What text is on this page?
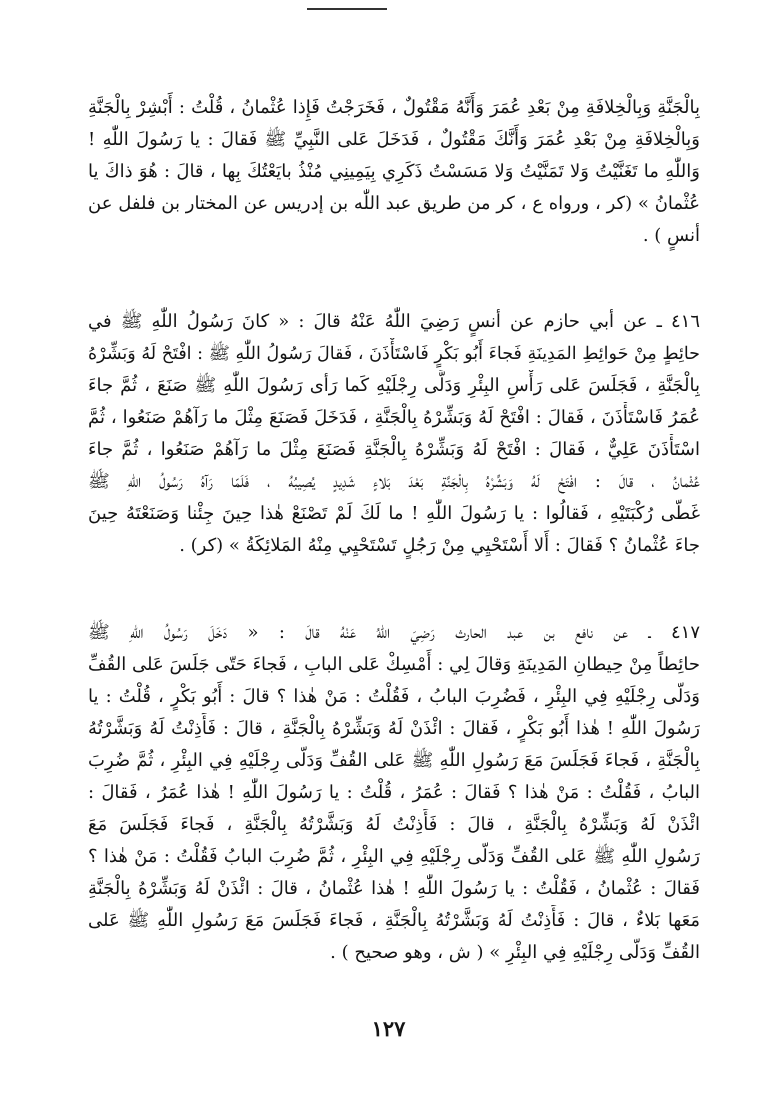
بِالْجَنَّةِ وَبِالْخِلافَةِ مِنْ بَعْدِ عُمَرَ وَأَنَّهُ مَقْتُولٌ ، فَخَرَجْتُ فَإِذا عُثْمانُ ، قُلْتُ : أَبْشِرْ بِالْجَنَّةِ
وَبِالْخِلافَةِ مِنْ بَعْدِ عُمَرَ وَأَنَّكَ مَقْتُولٌ ، فَدَخَلَ عَلى النَّبِيِّ ﷺ فَقالَ : يا رَسُولَ اللّٰهِ !
وَاللّٰهِ ما تَغَنَّيْتُ وَلا تَمَنَّيْتُ وَلا مَسَسْتُ ذَكَرِي بِيَمِينِي مُنْذُ بايَعْتُكَ بِها ، قالَ : هُوَ ذاكَ يا
عُثْمانُ » (كر ، ورواه ع ، كر من طريق عبد اللّٰه بن إدريس عن المختار بن فلفل عن
أنسٍ ) .
٤١٦ ـ عن أبي حازم عن أنسٍ رَضِيَ اللّٰهُ عَنْهُ قالَ : « كانَ رَسُولُ اللّٰهِ ﷺ في
حائِطٍ مِنْ حَوائِطِ المَدِينَةِ فَجاءَ أَبُو بَكْرٍ فَاسْتَأْذَنَ ، فَقالَ رَسُولُ اللّٰهِ ﷺ : افْتَحْ لَهُ وَبَشِّرْهُ
بِالْجَنَّةِ ، فَجَلَسَ عَلى رَأْسِ البِئْرِ وَدَلَّى رِجْلَيْهِ كَما رَأى رَسُولَ اللّٰهِ ﷺ صَنَعَ ، ثُمَّ جاءَ
عُمَرُ فَاسْتَأْذَنَ ، فَقالَ : افْتَحْ لَهُ وَبَشِّرْهُ بِالْجَنَّةِ ، فَدَخَلَ فَصَنَعَ مِثْلَ ما رَآهُمْ صَنَعُوا ، ثُمَّ
اسْتَأْذَنَ عَلِيٌّ ، فَقالَ : افْتَحْ لَهُ وَبَشِّرْهُ بِالْجَنَّةِ فَصَنَعَ مِثْلَ ما رَآهُمْ صَنَعُوا ، ثُمَّ جاءَ
عُثْمانُ ، قالَ : افْتَحْ لَهُ وَبَشِّرْهُ بِالْجَنَّةِ بَعْدَ بَلاءٍ شَدِيدٍ يُصِيبُهُ ، فَلَمّا رَآهُ رَسُولُ اللّٰهِ ﷺ
غَطّى رُكْبَتَيْهِ ، فَقالُوا : يا رَسُولَ اللّٰهِ ! ما لَكَ لَمْ تَصْنَعْ هٰذا حِينَ جِئْنا وَصَنَعْتَهُ حِينَ
جاءَ عُثْمانُ ؟ فَقالَ : أَلا أَسْتَحْيِي مِنْ رَجُلٍ تَسْتَحْيِي مِنْهُ المَلائِكَةُ » (كر) .
٤١٧ ـ عن نافع بن عبد الحارث رَضِيَ اللّٰهُ عَنْهُ قالَ : « دَخَلَ رَسُولُ اللّٰهِ ﷺ
حائِطاً مِنْ حِيطانِ المَدِينَةِ وَقالَ لِي : أَمْسِكْ عَلى البابِ ، فَجاءَ حَتّى جَلَسَ عَلى القُفِّ
وَدَلّى رِجْلَيْهِ فِي البِئْرِ ، فَضُرِبَ البابُ ، فَقُلْتُ : مَنْ هٰذا ؟ قالَ : أَبُو بَكْرٍ ، قُلْتُ : يا
رَسُولَ اللّٰهِ ! هٰذا أَبُو بَكْرٍ ، فَقالَ : ائْذَنْ لَهُ وَبَشِّرْهُ بِالْجَنَّةِ ، قالَ : فَأَذِنْتُ لَهُ وَبَشَّرْتُهُ
بِالْجَنَّةِ ، فَجاءَ فَجَلَسَ مَعَ رَسُولِ اللّٰهِ ﷺ عَلى القُفِّ وَدَلّى رِجْلَيْهِ فِي البِئْرِ ، ثُمَّ ضُرِبَ
البابُ ، فَقُلْتُ : مَنْ هٰذا ؟ فَقالَ : عُمَرُ ، قُلْتُ : يا رَسُولَ اللّٰهِ ! هٰذا عُمَرُ ، فَقالَ :
ائْذَنْ لَهُ وَبَشِّرْهُ بِالْجَنَّةِ ، قالَ : فَأَذِنْتُ لَهُ وَبَشَّرْتُهُ بِالْجَنَّةِ ، فَجاءَ فَجَلَسَ مَعَ
رَسُولِ اللّٰهِ ﷺ عَلى القُفِّ وَدَلّى رِجْلَيْهِ فِي البِئْرِ ، ثُمَّ ضُرِبَ البابُ فَقُلْتُ : مَنْ هٰذا ؟
فَقالَ : عُثْمانُ ، فَقُلْتُ : يا رَسُولَ اللّٰهِ ! هٰذا عُثْمانُ ، قالَ : ائْذَنْ لَهُ وَبَشِّرْهُ بِالْجَنَّةِ
مَعَها بَلاءٌ ، قالَ : فَأَذِنْتُ لَهُ وَبَشَّرْتُهُ بِالْجَنَّةِ ، فَجاءَ فَجَلَسَ مَعَ رَسُولِ اللّٰهِ ﷺ عَلى
القُفِّ وَدَلّى رِجْلَيْهِ فِي البِئْرِ » ( ش ، وهو صحيح ) .
١٢٧
